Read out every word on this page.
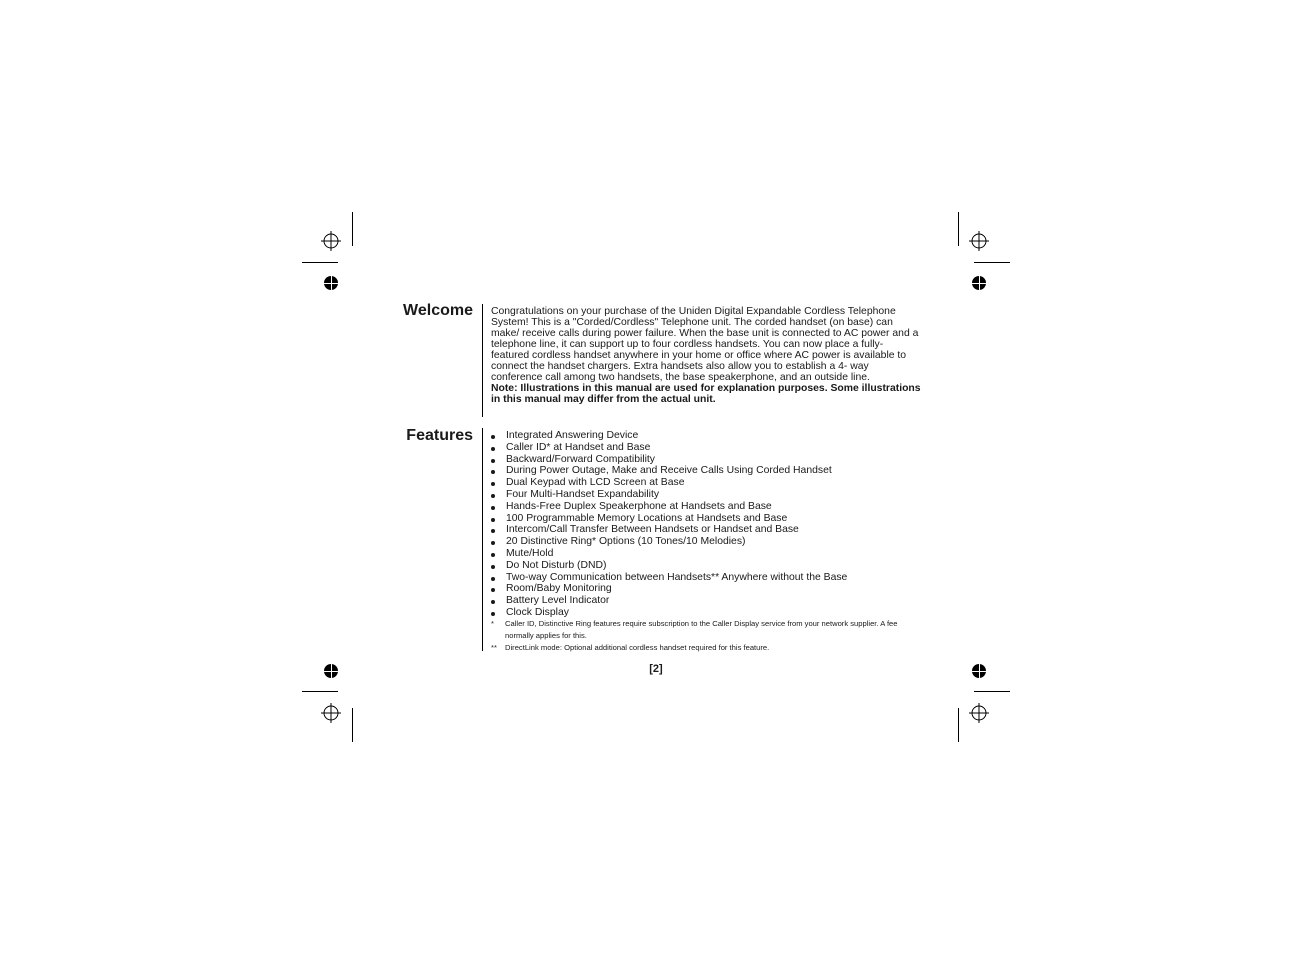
Welcome Congratulations on your purchase of the Uniden Digital Expandable Cordless Telephone System! This is a "Corded/Cordless" Telephone unit. The corded handset (on base) can make/ receive calls during power failure. When the base unit is connected to AC power and a telephone line, it can support up to four cordless handsets. You can now place a fully- featured cordless handset anywhere in your home or office where AC power is available to connect the handset chargers. Extra handsets also allow you to establish a 4- way conference call among two handsets, the base speakerphone, and an outside line.

Note: Illustrations in this manual are used for explanation purposes. Some illustrations in this manual may differ from the actual unit.

Features	Integrated Answering Device
Caller ID* at Handset and Base
Backward/Forward Compatibility
During Power Outage, Make and Receive Calls Using Corded Handset
Dual Keypad with LCD Screen at Base
Four Multi-Handset Expandability
Hands-Free Duplex Speakerphone at Handsets and Base
100 Programmable Memory Locations at Handsets and Base
Intercom/Call Transfer Between Handsets or Handset and Base
20 Distinctive Ring* Options (10 Tones/10 Melodies)
Mute/Hold
Do Not Disturb (DND)
Two-way Communication between Handsets** Anywhere without the Base
Room/Baby Monitoring
Battery Level Indicator
Clock Display
*	Caller ID, Distinctive Ring features require subscription to the Caller Display service from your network supplier. A fee normally applies for this.
**	DirectLink mode: Optional additional cordless handset required for this feature.
[2]
